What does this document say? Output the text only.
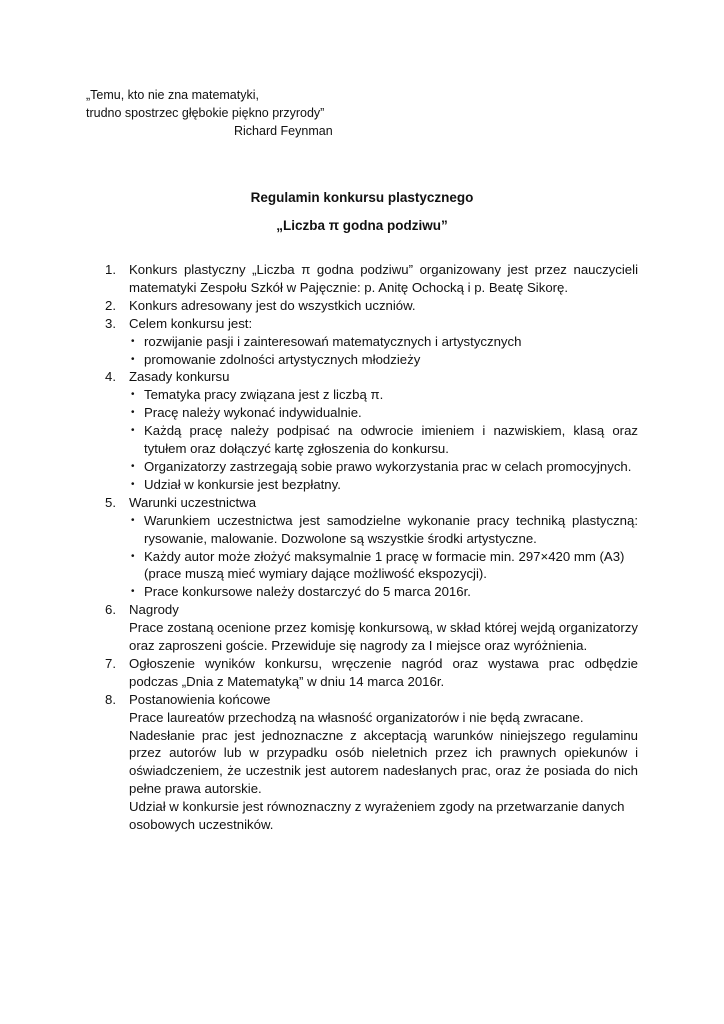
„Temu, kto nie zna matematyki,
trudno spostrzec głębokie piękno przyrody”
Richard Feynman
Regulamin konkursu plastycznego
„Liczba π godna podziwu”
1. Konkurs plastyczny „Liczba π godna podziwu” organizowany jest przez nauczycieli matematyki Zespołu Szkół w Pajęcznie: p. Anitę Ochocką i p. Beatę Sikorę.
2. Konkurs adresowany jest do wszystkich uczniów.
3. Celem konkursu jest:
• rozwijanie pasji i zainteresowań matematycznych i artystycznych
• promowanie zdolności artystycznych młodzieży
4. Zasady konkursu
• Tematyka pracy związana jest z liczbą π.
• Pracę należy wykonać indywidualnie.
• Każdą pracę należy podpisać na odwrocie imieniem i nazwiskiem, klasą oraz tytułem oraz dołączyć kartę zgłoszenia do konkursu.
• Organizatorzy zastrzegają sobie prawo wykorzystania prac w celach promocyjnych.
• Udział w konkursie jest bezpłatny.
5. Warunki uczestnictwa
• Warunkiem uczestnictwa jest samodzielne wykonanie pracy techniką plastyczną: rysowanie, malowanie. Dozwolone są wszystkie środki artystyczne.
• Każdy autor może złożyć maksymalnie 1 pracę w formacie min. 297×420 mm (A3) (prace muszą mieć wymiary dające możliwość ekspozycji).
• Prace konkursowe należy dostarczyć do 5 marca 2016r.
6. Nagrody
Prace zostaną ocenione przez komisję konkursową, w skład której wejdą organizatorzy oraz zaproszeni goście. Przewiduje się nagrody za I miejsce oraz wyróżnienia.
7. Ogłoszenie wyników konkursu, wręczenie nagród oraz wystawa prac odbędzie podczas „Dnia z Matematyką” w dniu 14 marca 2016r.
8. Postanowienia końcowe
Prace laureatów przechodzą na własność organizatorów i nie będą zwracane.
Nadesłanie prac jest jednoznaczne z akceptacją warunków niniejszego regulaminu przez autorów lub w przypadku osób nieletnich przez ich prawnych opiekunów i oświadczeniem, że uczestnik jest autorem nadesłanych prac, oraz że posiada do nich pełne prawa autorskie.
Udział w konkursie jest równoznaczny z wyrażeniem zgody na przetwarzanie danych osobowych uczestników.
